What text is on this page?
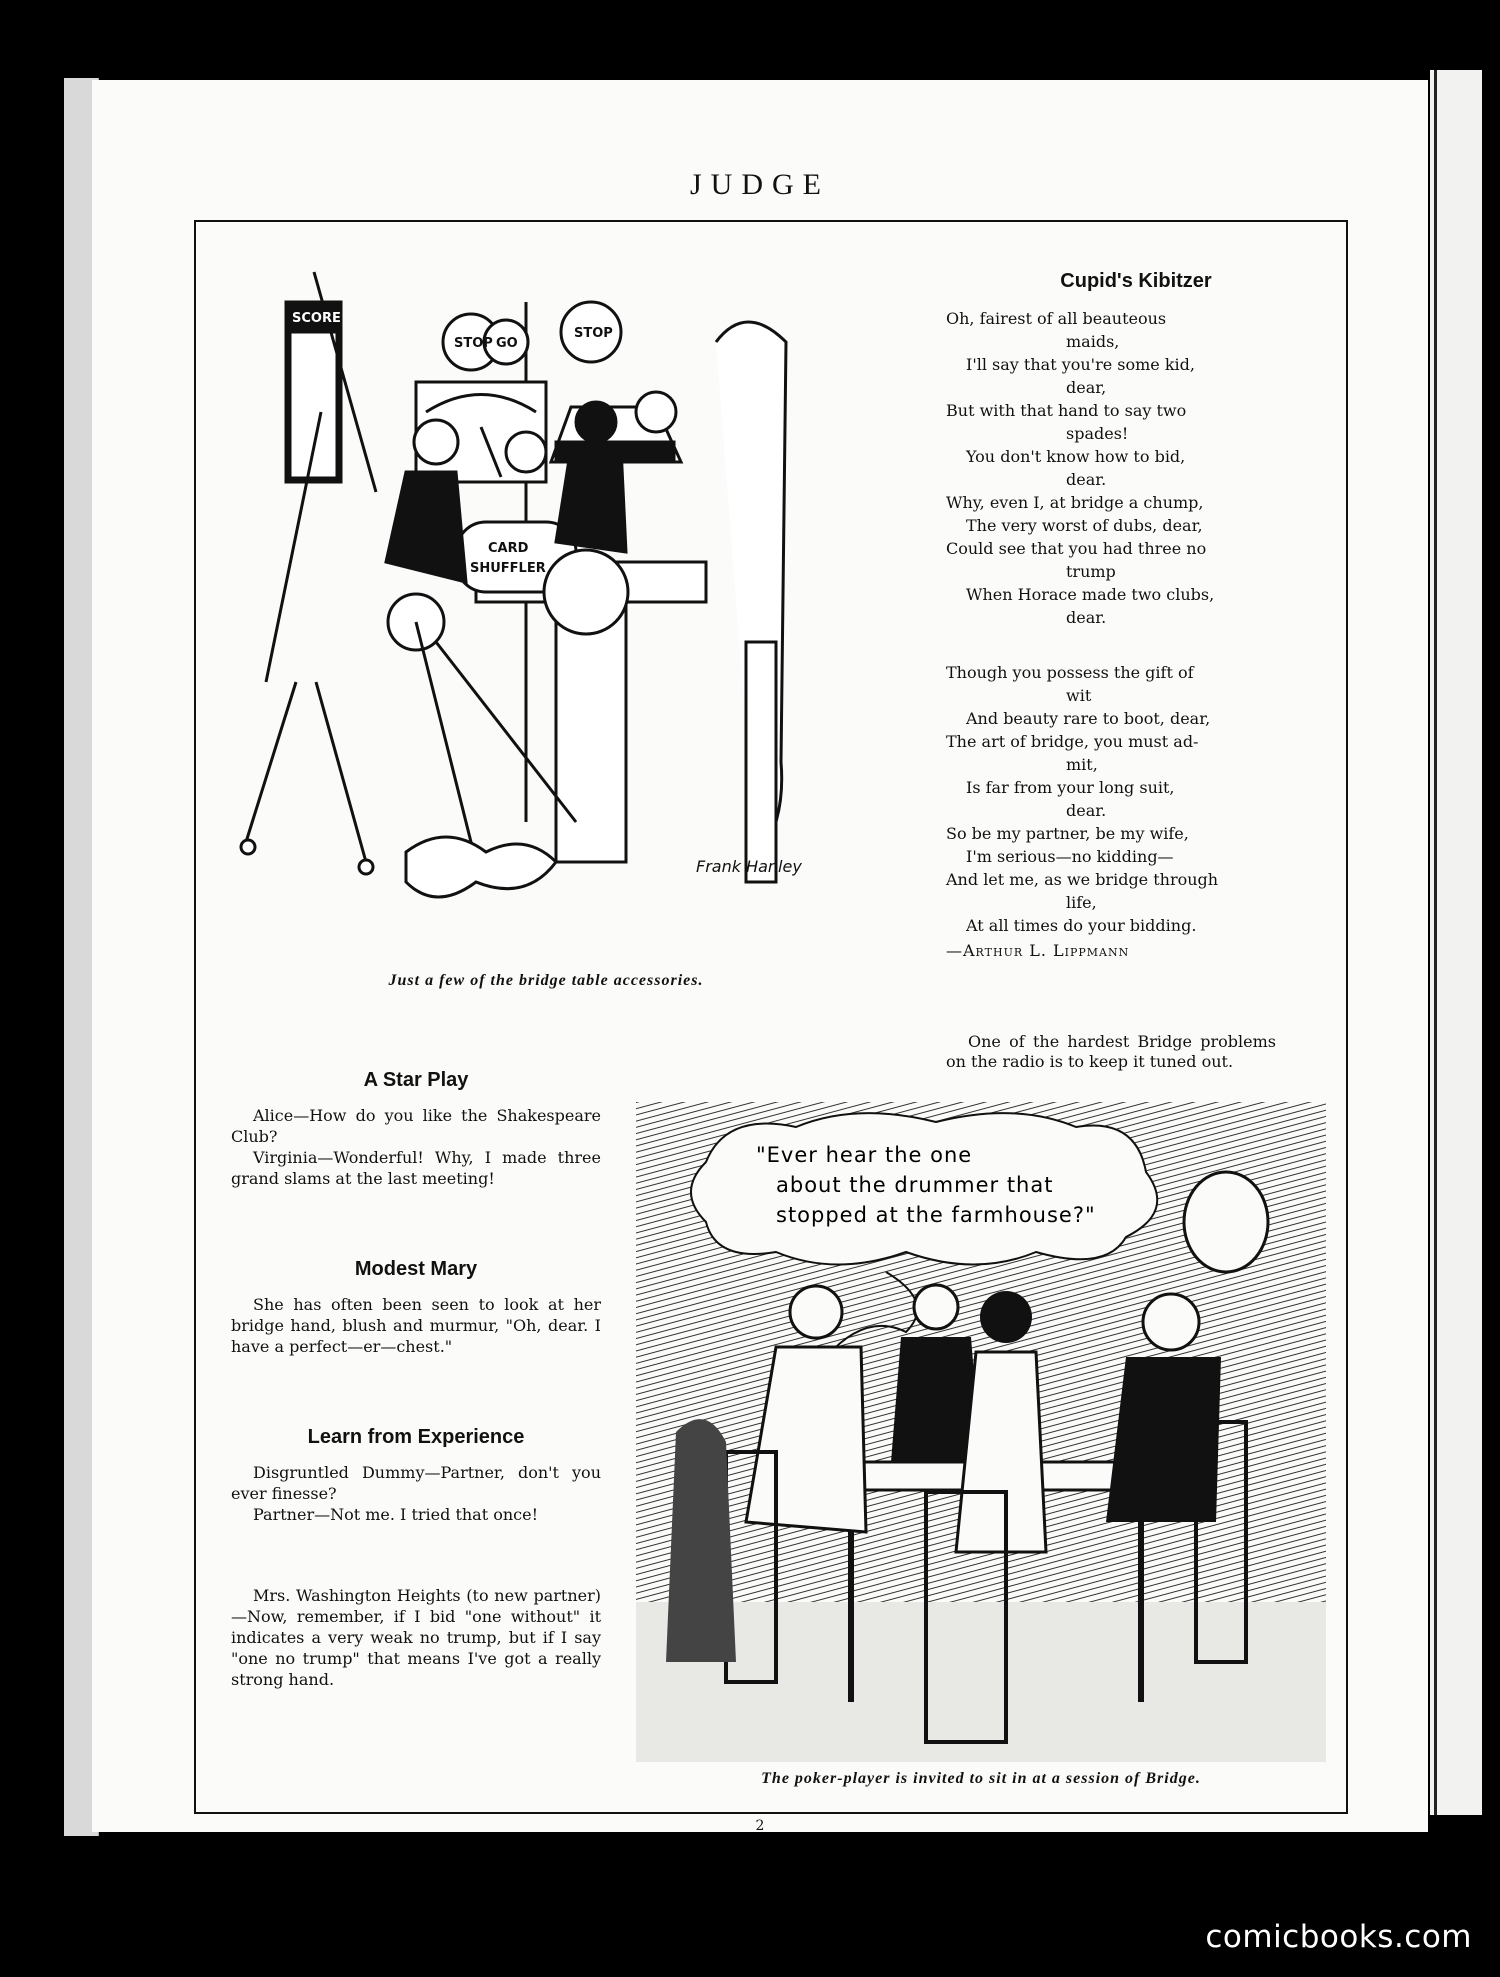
JUDGE
SCORE
STOP GO
STOP
CARD
SHUFFLER
Frank Hanley
Just a few of the bridge table accessories.
Cupid's Kibitzer
Oh, fairest of all beauteous
maids,
I'll say that you're some kid,
dear,
But with that hand to say two
spades!
You don't know how to bid,
dear.
Why, even I, at bridge a chump,
The very worst of dubs, dear,
Could see that you had three no
trump
When Horace made two clubs,
dear.
Though you possess the gift of
wit
And beauty rare to boot, dear,
The art of bridge, you must ad-
mit,
Is far from your long suit,
dear.
So be my partner, be my wife,
I'm serious—no kidding—
And let me, as we bridge through
life,
At all times do your bidding.
—Arthur L. Lippmann
One of the hardest Bridge problems on the radio is to keep it tuned out.
A Star Play

Alice—How do you like the Shakespeare Club?

Virginia—Wonderful! Why, I made three grand slams at the last meeting!

Modest Mary

She has often been seen to look at her bridge hand, blush and murmur, "Oh, dear. I have a perfect—er—chest."

Learn from Experience

Disgruntled Dummy—Partner, don't you ever finesse?

Partner—Not me. I tried that once!

Mrs. Washington Heights (to new partner)—Now, remember, if I bid "one without" it indicates a very weak no trump, but if I say "one no trump" that means I've got a really strong hand.

"Ever hear the one
about the drummer that
stopped at the farmhouse?"
The poker-player is invited to sit in at a session of Bridge.
2
comicbooks.com
